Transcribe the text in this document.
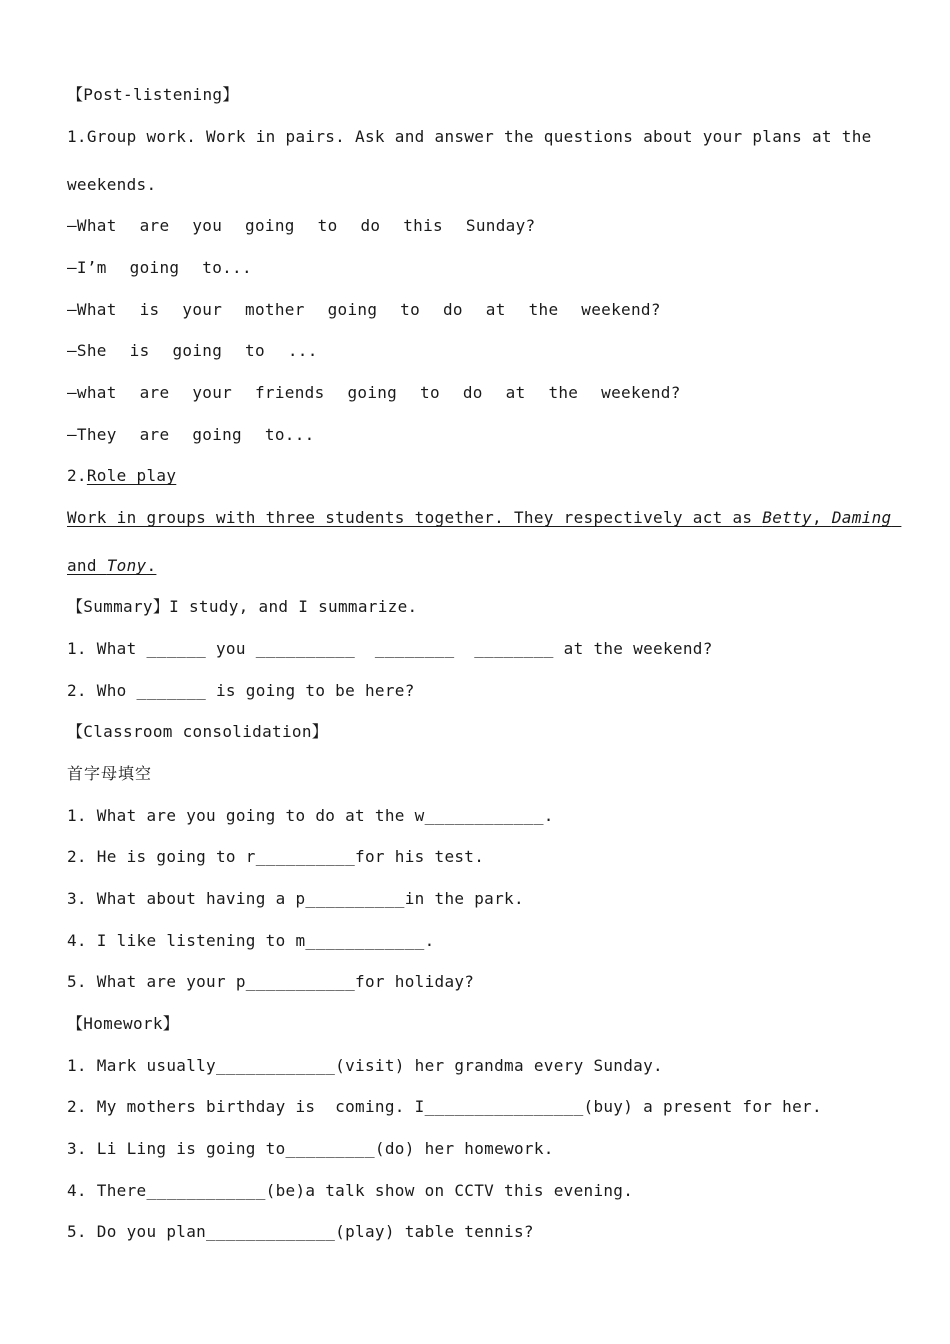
【Post-listening】
1.Group work. Work in pairs. Ask and answer the questions about your plans at the
weekends.
—What are you going to do this Sunday?
—I’m going to...
—What is your mother going to do at the weekend?
—She is going to ...
—what are your friends going to do at the weekend?
—They are going to...
2.Role play
Work in groups with three students together. They respectively act as Betty, Daming
and Tony.
【Summary】I study, and I summarize.
1. What ______ you __________  ________  ________ at the weekend?
2. Who _______ is going to be here?
【Classroom consolidation】
首字母填空
1. What are you going to do at the w____________.
2. He is going to r__________for his test.
3. What about having a p__________in the park.
4. I like listening to m____________.
5. What are your p___________for holiday?
【Homework】
1. Mark usually____________(visit) her grandma every Sunday.
2. My mothers birthday is  coming. I________________(buy) a present for her.
3. Li Ling is going to_________(do) her homework.
4. There____________(be)a talk show on CCTV this evening.
5. Do you plan_____________(play) table tennis?
